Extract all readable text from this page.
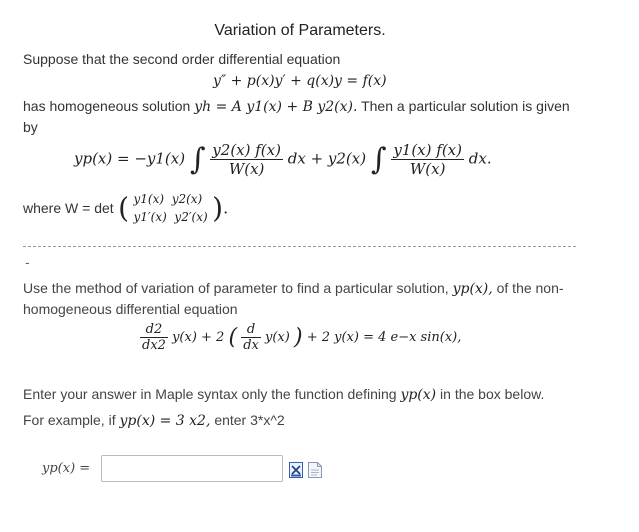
Variation of Parameters.
Suppose that the second order differential equation
y″ + p(x)y′ + q(x)y = f(x)
has homogeneous solution yh = A y1(x) + B y2(x). Then a particular solution is given
by
yp(x) = −y1(x) ∫ $\frac{y2(x) f(x)}{W(x)}$ dx + y2(x) ∫ $\frac{y1(x) f(x)}{W(x)}$ dx.
where W = det ( y1(x) y2(x)
y1′(x) y2′(x) ).
-
Use the method of variation of parameter to find a particular solution, yp(x), of the non-
homogeneous differential equation
$\frac{d2}{dx2} y(x) + 2$ ( $\frac{d}{dx} y(x)$ ) + 2 y(x) = 4 e−x sin(x),
Enter your answer in Maple syntax only the function defining yp(x) in the box below.
For example, if yp(x) = 3 x2, enter 3*x^2
yp(x) =
